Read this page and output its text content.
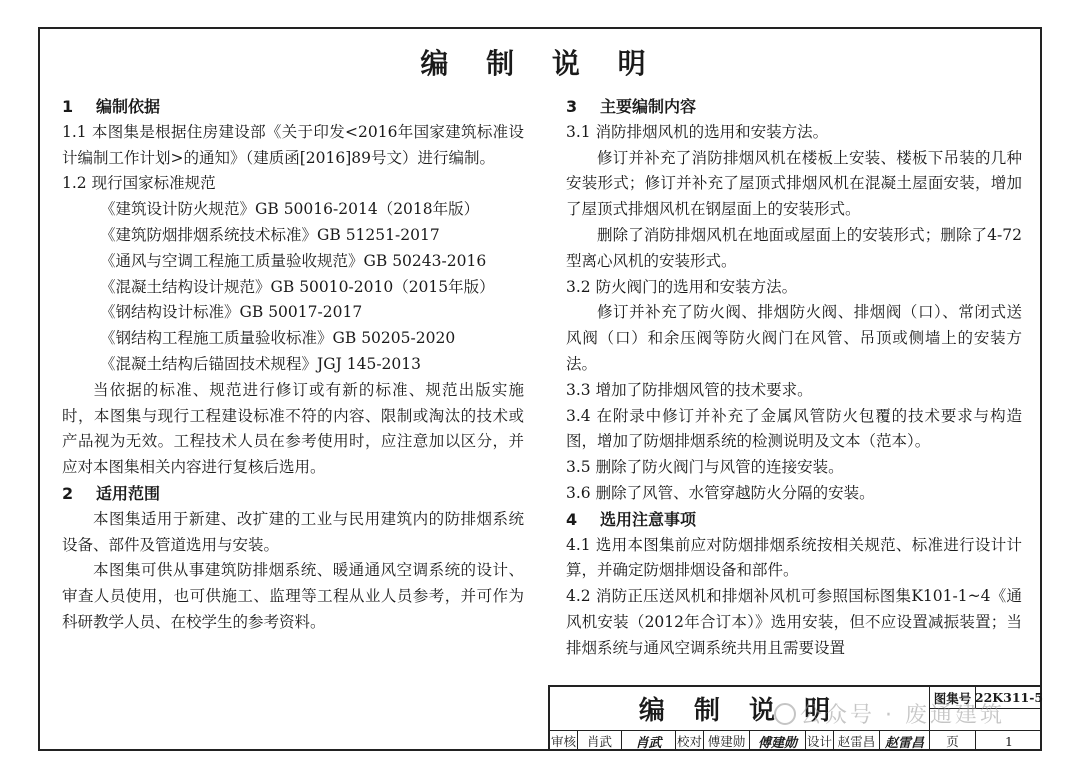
编 制 说 明
1 编制依据
1.1 本图集是根据住房建设部《关于印发<2016年国家建筑标准设计编制工作计划>的通知》（建质函[2016]89号文）进行编制。
1.2 现行国家标准规范
《建筑设计防火规范》GB 50016-2014（2018年版）
《建筑防烟排烟系统技术标准》GB 51251-2017
《通风与空调工程施工质量验收规范》GB 50243-2016
《混凝土结构设计规范》GB 50010-2010（2015年版）
《钢结构设计标准》GB 50017-2017
《钢结构工程施工质量验收标准》GB 50205-2020
《混凝土结构后锚固技术规程》JGJ 145-2013
当依据的标准、规范进行修订或有新的标准、规范出版实施时，本图集与现行工程建设标准不符的内容、限制或淘汰的技术或产品视为无效。工程技术人员在参考使用时，应注意加以区分，并应对本图集相关内容进行复核后选用。
2 适用范围
本图集适用于新建、改扩建的工业与民用建筑内的防排烟系统设备、部件及管道选用与安装。
本图集可供从事建筑防排烟系统、暖通通风空调系统的设计、审查人员使用，也可供施工、监理等工程从业人员参考，并可作为科研教学人员、在校学生的参考资料。
3 主要编制内容
3.1 消防排烟风机的选用和安装方法。
修订并补充了消防排烟风机在楼板上安装、楼板下吊装的几种安装形式；修订并补充了屋顶式排烟风机在混凝土屋面安装，增加了屋顶式排烟风机在钢屋面上的安装形式。
删除了消防排烟风机在地面或屋面上的安装形式；删除了4-72型离心风机的安装形式。
3.2 防火阀门的选用和安装方法。
修订并补充了防火阀、排烟防火阀、排烟阀（口）、常闭式送风阀（口）和余压阀等防火阀门在风管、吊顶或侧墙上的安装方法。
3.3 增加了防排烟风管的技术要求。
3.4 在附录中修订并补充了金属风管防火包覆的技术要求与构造图，增加了防烟排烟系统的检测说明及文本（范本）。
3.5 删除了防火阀门与风管的连接安装。
3.6 删除了风管、水管穿越防火分隔的安装。
4 选用注意事项
4.1 选用本图集前应对防烟排烟系统按相关规范、标准进行设计计算，并确定防烟排烟设备和部件。
4.2 消防正压送风机和排烟补风机可参照国标图集K101-1~4《通风机安装（2012年合订本）》选用安装，但不应设置减振装置；当排烟系统与通风空调系统共用且需要设置
编 制 说 明	图集号 22K311-5
审核 肖武	肖武	校对 傅建勋 傅建勋 设计 赵雷昌 赵雷昌	页	1
公众号 · 废通建筑
